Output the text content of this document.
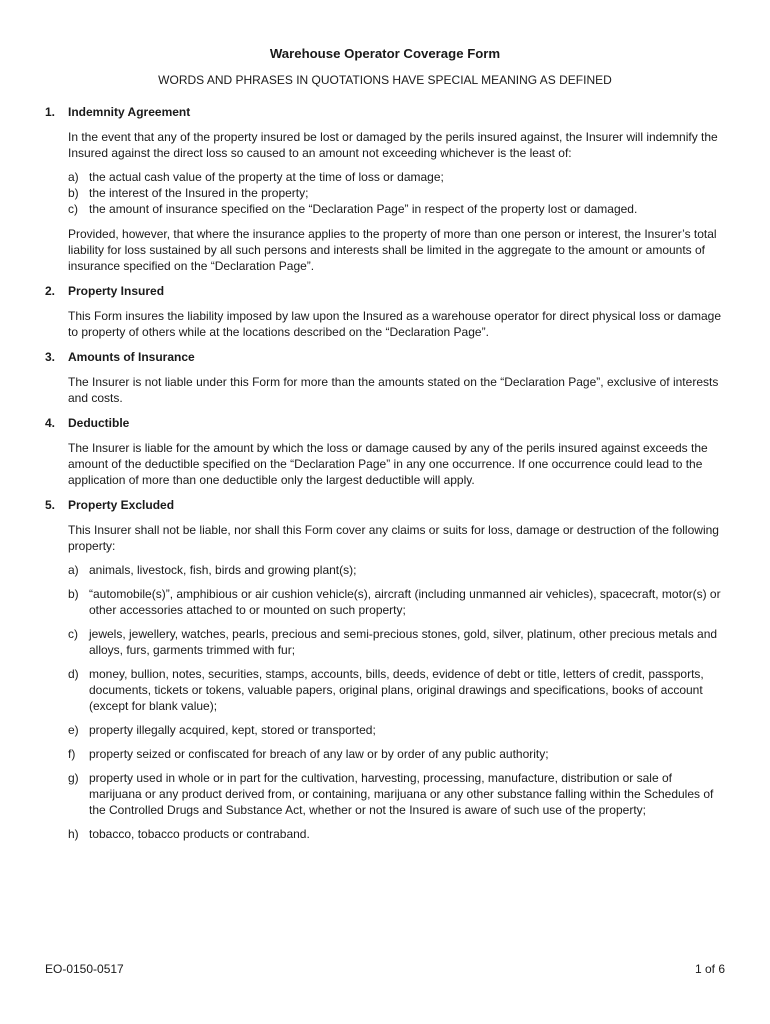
Warehouse Operator Coverage Form
WORDS AND PHRASES IN QUOTATIONS HAVE SPECIAL MEANING AS DEFINED
1.	Indemnity Agreement
In the event that any of the property insured be lost or damaged by the perils insured against, the Insurer will indemnify the Insured against the direct loss so caused to an amount not exceeding whichever is the least of:
a) the actual cash value of the property at the time of loss or damage;
b) the interest of the Insured in the property;
c) the amount of insurance specified on the “Declaration Page” in respect of the property lost or damaged.
Provided, however, that where the insurance applies to the property of more than one person or interest, the Insurer’s total liability for loss sustained by all such persons and interests shall be limited in the aggregate to the amount or amounts of insurance specified on the “Declaration Page”.
2.	Property Insured
This Form insures the liability imposed by law upon the Insured as a warehouse operator for direct physical loss or damage to property of others while at the locations described on the “Declaration Page”.
3.	Amounts of Insurance
The Insurer is not liable under this Form for more than the amounts stated on the “Declaration Page”, exclusive of interests and costs.
4.	Deductible
The Insurer is liable for the amount by which the loss or damage caused by any of the perils insured against exceeds the amount of the deductible specified on the “Declaration Page” in any one occurrence. If one occurrence could lead to the application of more than one deductible only the largest deductible will apply.
5.	Property Excluded
This Insurer shall not be liable, nor shall this Form cover any claims or suits for loss, damage or destruction of the following property:
a) animals, livestock, fish, birds and growing plant(s);
b) “automobile(s)”, amphibious or air cushion vehicle(s), aircraft (including unmanned air vehicles), spacecraft, motor(s) or other accessories attached to or mounted on such property;
c) jewels, jewellery, watches, pearls, precious and semi-precious stones, gold, silver, platinum, other precious metals and alloys, furs, garments trimmed with fur;
d) money, bullion, notes, securities, stamps, accounts, bills, deeds, evidence of debt or title, letters of credit, passports, documents, tickets or tokens, valuable papers, original plans, original drawings and specifications, books of account (except for blank value);
e) property illegally acquired, kept, stored or transported;
f)	property seized or confiscated for breach of any law or by order of any public authority;
g) property used in whole or in part for the cultivation, harvesting, processing, manufacture, distribution or sale of marijuana or any product derived from, or containing, marijuana or any other substance falling within the Schedules of the Controlled Drugs and Substance Act, whether or not the Insured is aware of such use of the property;
h) tobacco, tobacco products or contraband.
EO-0150-0517	1 of 6
